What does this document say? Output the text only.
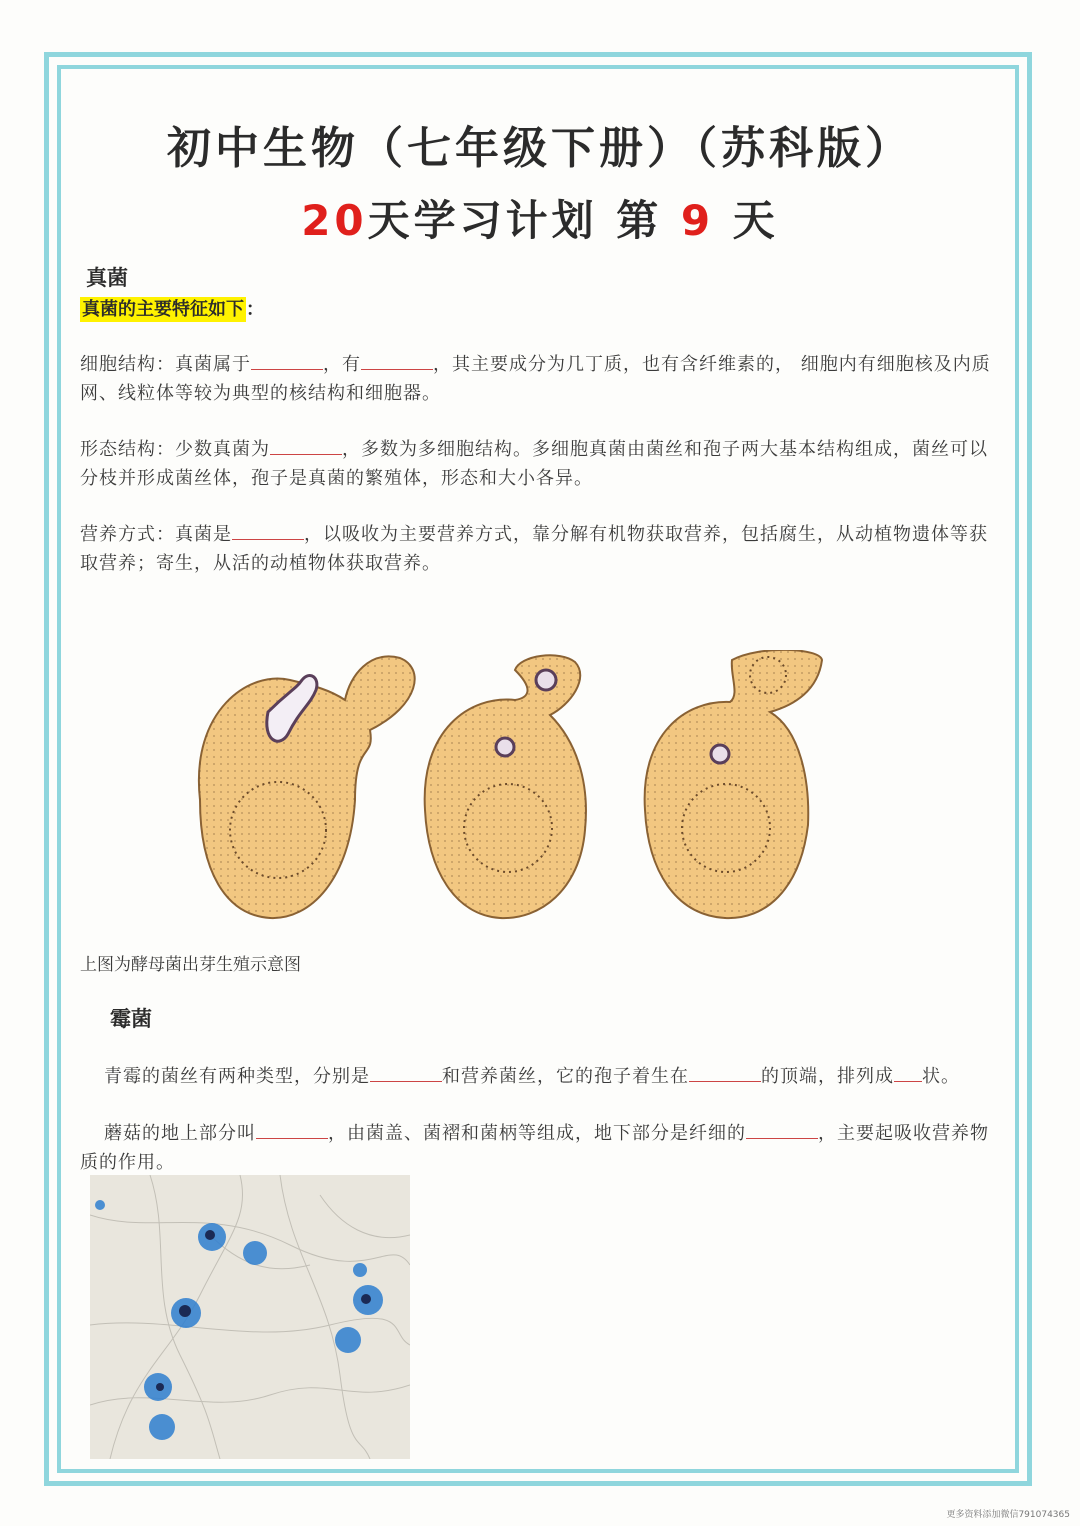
初中生物（七年级下册）（苏科版）
20天学习计划 第 9 天
真菌
真菌的主要特征如下 ：
细胞结构：真菌属于	，有	，其主要成分为几丁质，也有含纤维素的， 细胞内有细胞核及内质网、线粒体等较为典型的核结构和细胞器。
形态结构：少数真菌为	，多数为多细胞结构。多细胞真菌由菌丝和孢子两大基本结构组成，菌丝可以分枝并形成菌丝体，孢子是真菌的繁殖体，形态和大小各异。
营养方式：真菌是	，以吸收为主要营养方式，靠分解有机物获取营养，包括腐生，从动植物遗体等获取营养；寄生，从活的动植物体获取营养。
上图为酵母菌出芽生殖示意图
霉菌
青霉的菌丝有两种类型，分别是	和营养菌丝，它的孢子着生在	的顶端，排列成 状。
蘑菇的地上部分叫	，由菌盖、菌褶和菌柄等组成，地下部分是纤细的	，主要起吸收营养物质的作用。
更多资料添加微信791074365
